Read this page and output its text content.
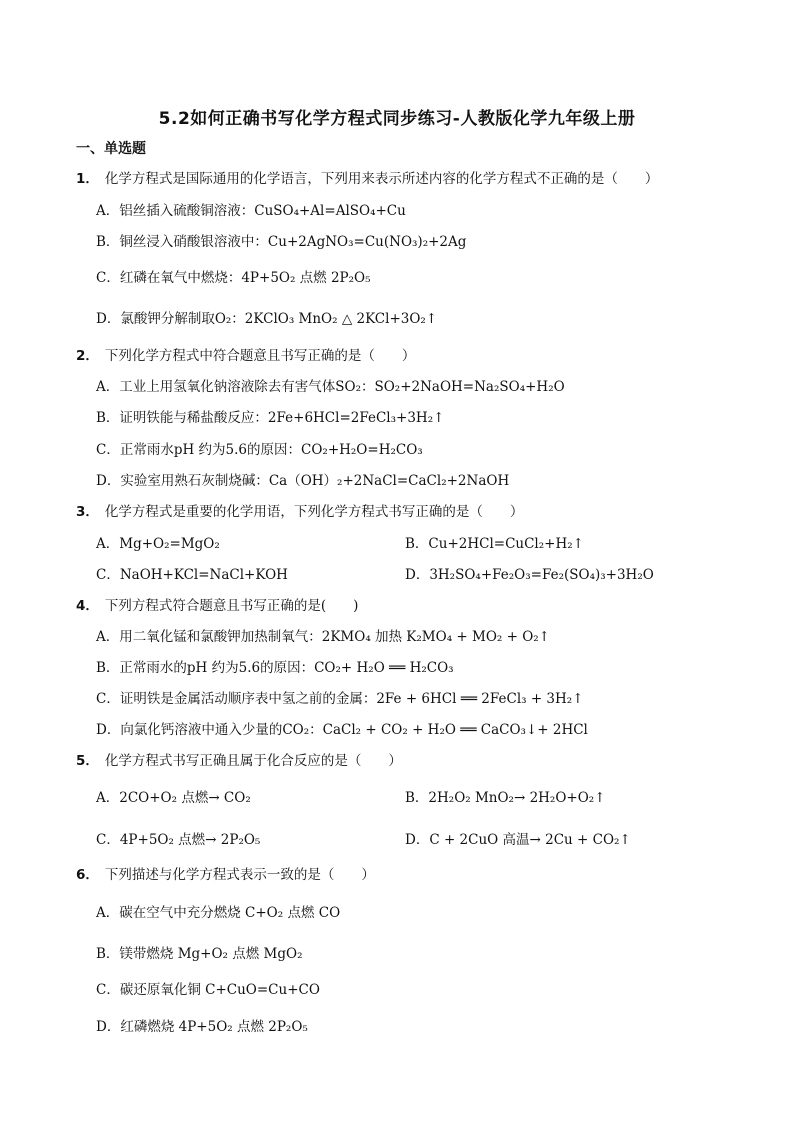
5.2如何正确书写化学方程式同步练习-人教版化学九年级上册
一、单选题
1． 化学方程式是国际通用的化学语言，下列用来表示所述内容的化学方程式不正确的是（　　）
A．铝丝插入硫酸铜溶液：CuSO₄+Al=AlSO₄+Cu
B．铜丝浸入硝酸银溶液中：Cu+2AgNO₃=Cu(NO₃)₂+2Ag
C．红磷在氧气中燃烧：4P+5O₂ 点燃 2P₂O₅
D．氯酸钾分解制取O₂：2KClO₃ MnO₂ △ 2KCl+3O₂↑
2． 下列化学方程式中符合题意且书写正确的是（　　）
A．工业上用氢氧化钠溶液除去有害气体SO₂：SO₂+2NaOH=Na₂SO₄+H₂O
B．证明铁能与稀盐酸反应：2Fe+6HCl=2FeCl₃+3H₂↑
C．正常雨水pH 约为5.6的原因：CO₂+H₂O=H₂CO₃
D．实验室用熟石灰制烧碱：Ca（OH）₂+2NaCl=CaCl₂+2NaOH
3． 化学方程式是重要的化学用语，下列化学方程式书写正确的是（　　）
A．Mg+O₂=MgO₂	B．Cu+2HCl=CuCl₂+H₂↑
C．NaOH+KCl=NaCl+KOH	D．3H₂SO₄+Fe₂O₃=Fe₂(SO₄)₃+3H₂O
4． 下列方程式符合题意且书写正确的是(　　)
A．用二氧化锰和氯酸钾加热制氧气：2KMO₄ 加热 K₂MO₄ + MO₂ + O₂↑
B．正常雨水的pH 约为5.6的原因：CO₂+ H₂O ══ H₂CO₃
C．证明铁是金属活动顺序表中氢之前的金属：2Fe + 6HCl ══ 2FeCl₃ + 3H₂↑
D．向氯化钙溶液中通入少量的CO₂：CaCl₂ + CO₂ + H₂O ══ CaCO₃↓+ 2HCl
5． 化学方程式书写正确且属于化合反应的是（　　）
A．2CO+O₂ 点燃→ CO₂	B．2H₂O₂ MnO₂→ 2H₂O+O₂↑
C．4P+5O₂ 点燃→ 2P₂O₅	D．C + 2CuO 高温→ 2Cu + CO₂↑
6． 下列描述与化学方程式表示一致的是（　　）
A．碳在空气中充分燃烧 C+O₂ 点燃 CO
B．镁带燃烧 Mg+O₂ 点燃 MgO₂
C．碳还原氧化铜 C+CuO=Cu+CO
D．红磷燃烧 4P+5O₂ 点燃 2P₂O₅
